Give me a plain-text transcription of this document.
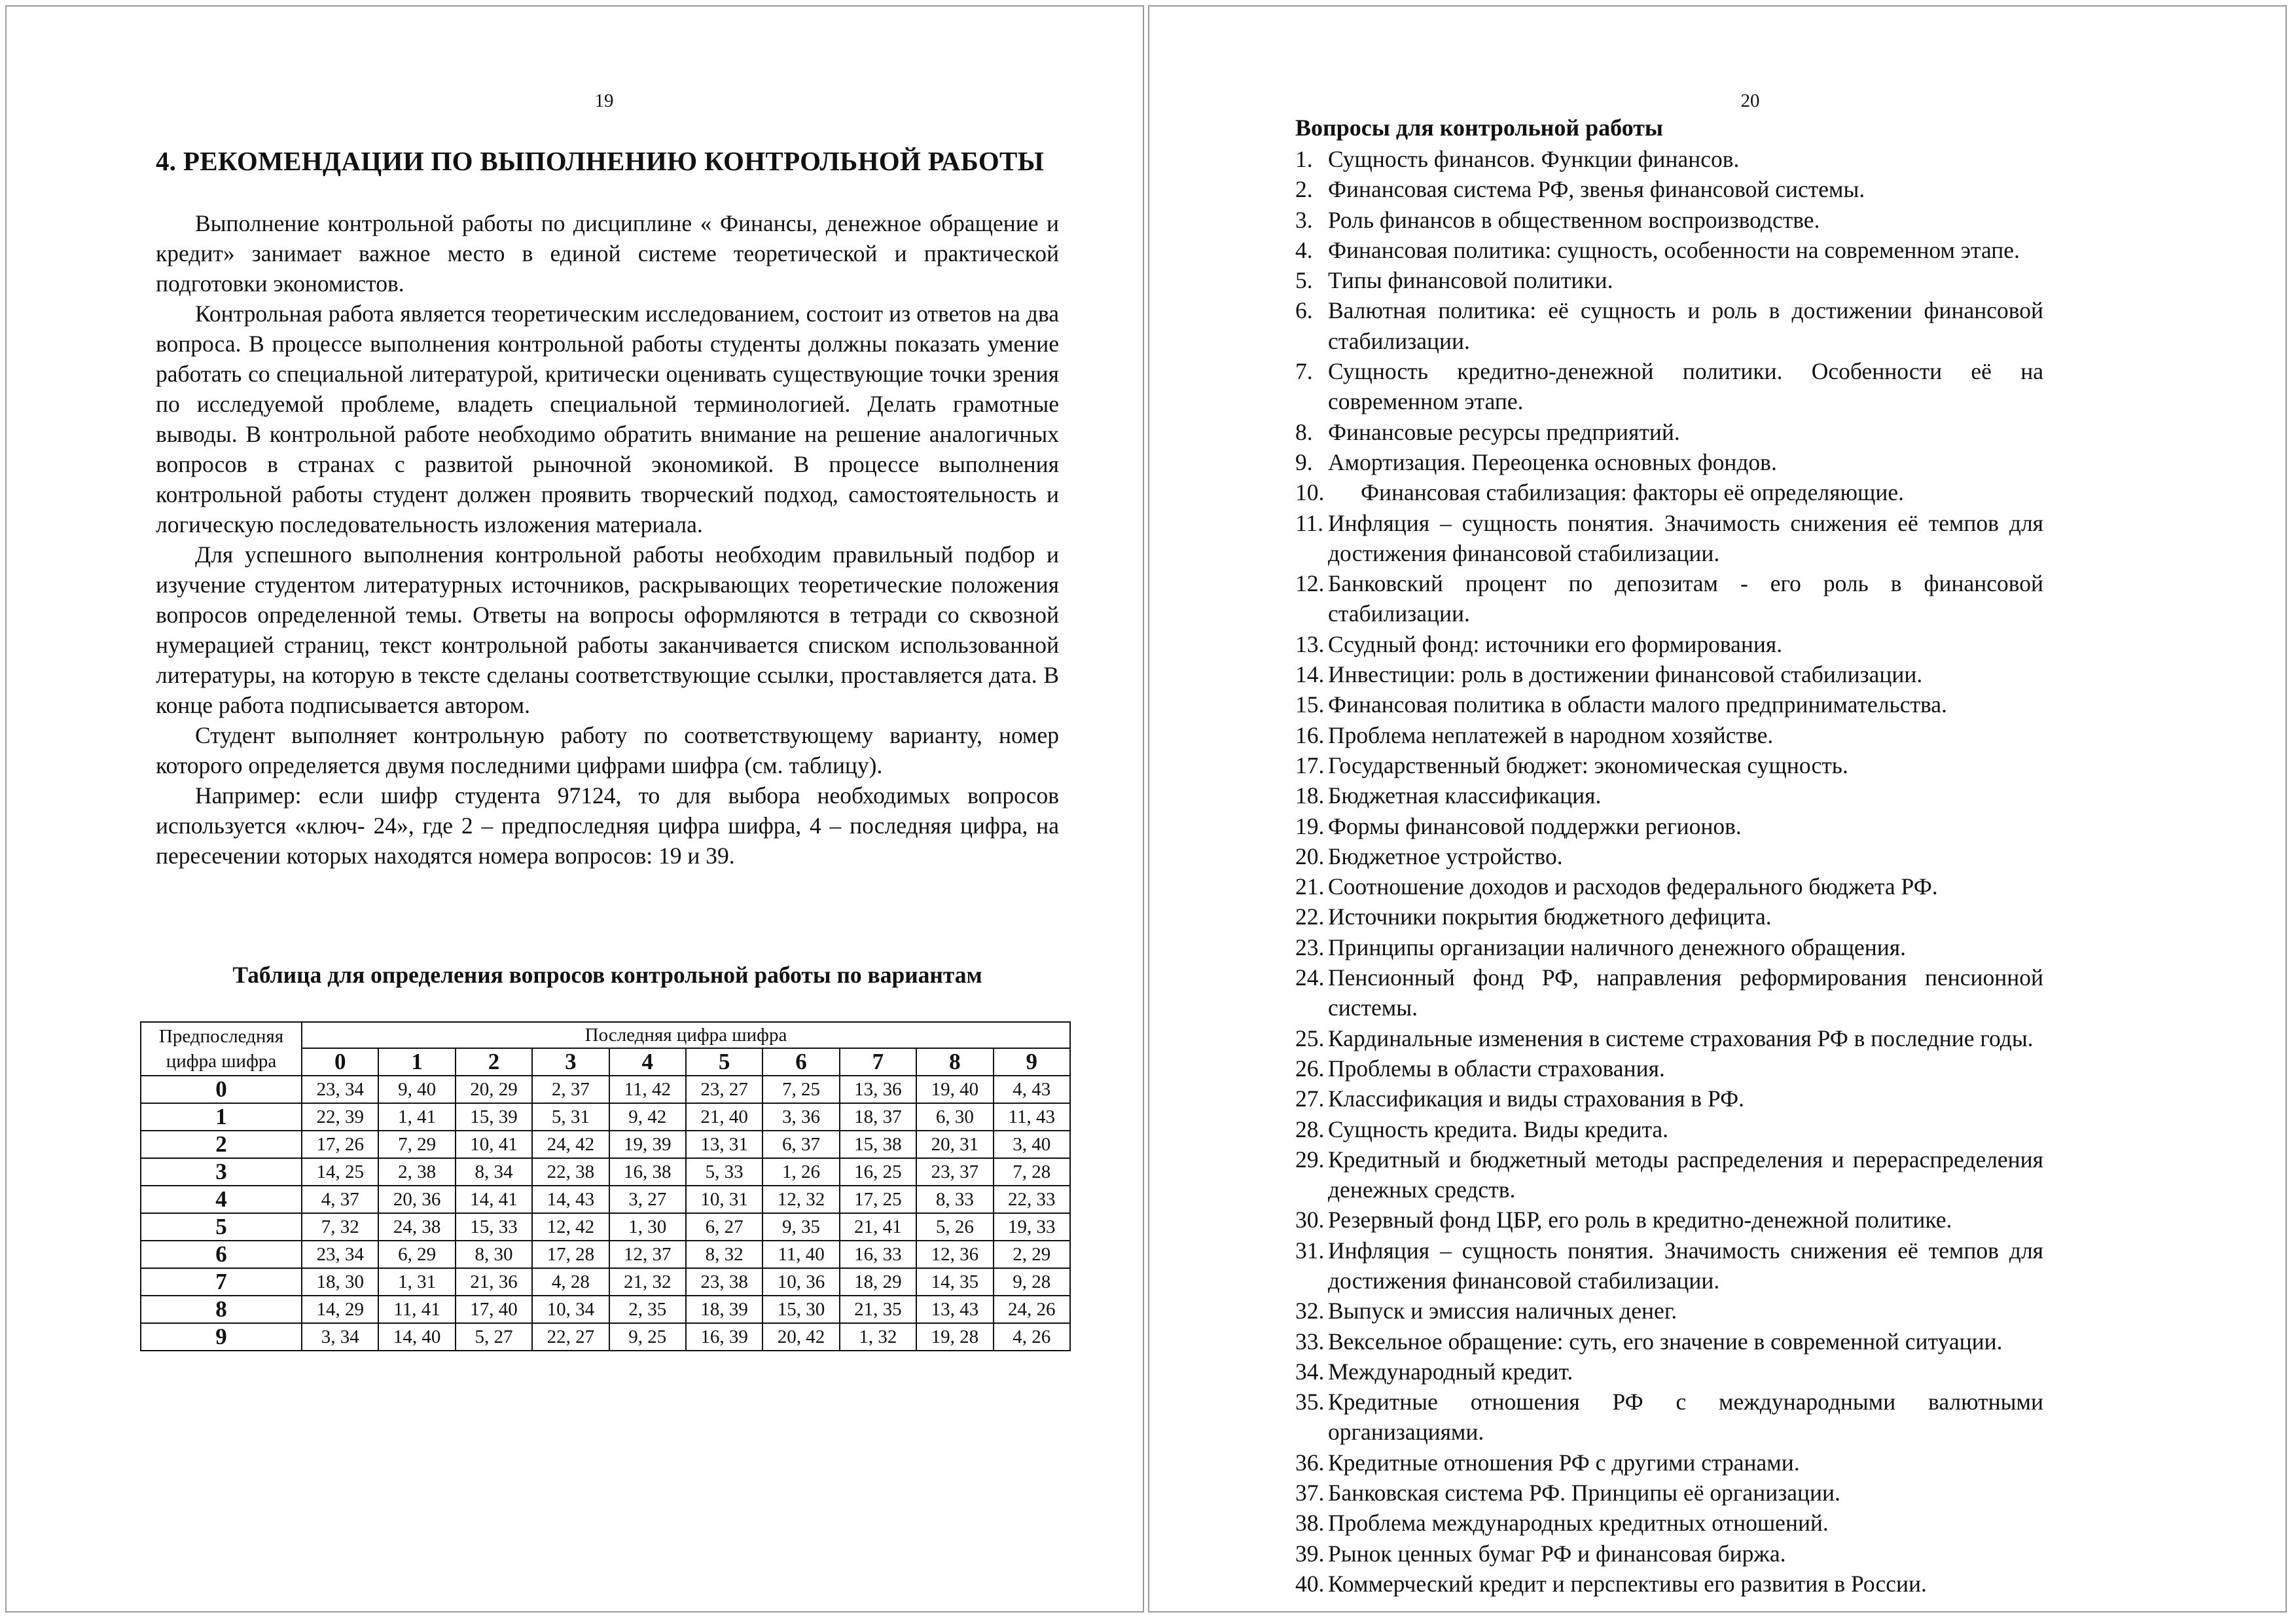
19
4. РЕКОМЕНДАЦИИ ПО ВЫПОЛНЕНИЮ КОНТРОЛЬНОЙ РАБОТЫ

Выполнение контрольной работы по дисциплине « Финансы, денежное обращение и кредит» занимает важное место в единой системе теоретической и практической подготовки экономистов.

Контрольная работа является теоретическим исследованием, состоит из ответов на два вопроса. В процессе выполнения контрольной работы студенты должны показать умение работать со специальной литературой, критически оценивать существующие точки зрения по исследуемой проблеме, владеть специальной терминологией. Делать грамотные выводы. В контрольной работе необходимо обратить внимание на решение аналогичных вопросов в странах с развитой рыночной экономикой. В процессе выполнения контрольной работы студент должен проявить творческий подход, самостоятельность и логическую последовательность изложения материала.

Для успешного выполнения контрольной работы необходим правильный подбор и изучение студентом литературных источников, раскрывающих теоретические положения вопросов определенной темы. Ответы на вопросы оформляются в тетради со сквозной нумерацией страниц, текст контрольной работы заканчивается списком использованной литературы, на которую в тексте сделаны соответствующие ссылки, проставляется дата. В конце работа подписывается автором.

Студент выполняет контрольную работу по соответствующему варианту, номер которого определяется двумя последними цифрами шифра (см. таблицу).

Например: если шифр студента 97124, то для выбора необходимых вопросов используется «ключ- 24», где 2 – предпоследняя цифра шифра, 4 – последняя цифра, на пересечении которых находятся номера вопросов: 19 и 39.

Таблица для определения вопросов контрольной работы по вариантам
Предпоследняя цифра шифра	Последняя цифра шифра									
	0	1	2	3	4	5	6	7	8	9
0	23, 34	9, 40	20, 29	2, 37	11, 42	23, 27	7, 25	13, 36	19, 40	4, 43
1	22, 39	1, 41	15, 39	5, 31	9, 42	21, 40	3, 36	18, 37	6, 30	11, 43
2	17, 26	7, 29	10, 41	24, 42	19, 39	13, 31	6, 37	15, 38	20, 31	3, 40
3	14, 25	2, 38	8, 34	22, 38	16, 38	5, 33	1, 26	16, 25	23, 37	7, 28
4	4, 37	20, 36	14, 41	14, 43	3, 27	10, 31	12, 32	17, 25	8, 33	22, 33
5	7, 32	24, 38	15, 33	12, 42	1, 30	6, 27	9, 35	21, 41	5, 26	19, 33
6	23, 34	6, 29	8, 30	17, 28	12, 37	8, 32	11, 40	16, 33	12, 36	2, 29
7	18, 30	1, 31	21, 36	4, 28	21, 32	23, 38	10, 36	18, 29	14, 35	9, 28
8	14, 29	11, 41	17, 40	10, 34	2, 35	18, 39	15, 30	21, 35	13, 43	24, 26
9	3, 34	14, 40	5, 27	22, 27	9, 25	16, 39	20, 42	1, 32	19, 28	4, 26
20
Вопросы для контрольной работы
1. Сущность финансов. Функции финансов.
2. Финансовая система РФ, звенья финансовой системы.
3. Роль финансов в общественном воспроизводстве.
4. Финансовая политика: сущность, особенности на современном этапе.
5. Типы финансовой политики.
6. Валютная политика: её сущность и роль в достижении финансовой стабилизации.
7. Сущность кредитно-денежной политики. Особенности её на современном этапе.
8. Финансовые ресурсы предприятий.
9. Амортизация. Переоценка основных фондов.
10.	Финансовая стабилизация: факторы её определяющие.
11. Инфляция – сущность понятия. Значимость снижения её темпов для достижения финансовой стабилизации.
12. Банковский процент по депозитам - его роль в финансовой стабилизации.
13. Ссудный фонд: источники его формирования.
14. Инвестиции: роль в достижении финансовой стабилизации.
15. Финансовая политика в области малого предпринимательства.
16. Проблема неплатежей в народном хозяйстве.
17. Государственный бюджет: экономическая сущность.
18. Бюджетная классификация.
19. Формы финансовой поддержки регионов.
20. Бюджетное устройство.
21. Соотношение доходов и расходов федерального бюджета РФ.
22. Источники покрытия бюджетного дефицита.
23. Принципы организации наличного денежного обращения.
24. Пенсионный фонд РФ, направления реформирования пенсионной системы.
25. Кардинальные изменения в системе страхования РФ в последние годы.
26. Проблемы в области страхования.
27. Классификация и виды страхования в РФ.
28. Сущность кредита. Виды кредита.
29. Кредитный и бюджетный методы распределения и перераспределения денежных средств.
30. Резервный фонд ЦБР, его роль в кредитно-денежной политике.
31. Инфляция – сущность понятия. Значимость снижения её темпов для достижения финансовой стабилизации.
32. Выпуск и эмиссия наличных денег.
33. Вексельное обращение: суть, его значение в современной ситуации.
34. Международный кредит.
35. Кредитные отношения РФ с международными валютными организациями.
36. Кредитные отношения РФ с другими странами.
37. Банковская система РФ. Принципы её организации.
38. Проблема международных кредитных отношений.
39. Рынок ценных бумаг РФ и финансовая биржа.
40. Коммерческий кредит и перспективы его развития в России.
